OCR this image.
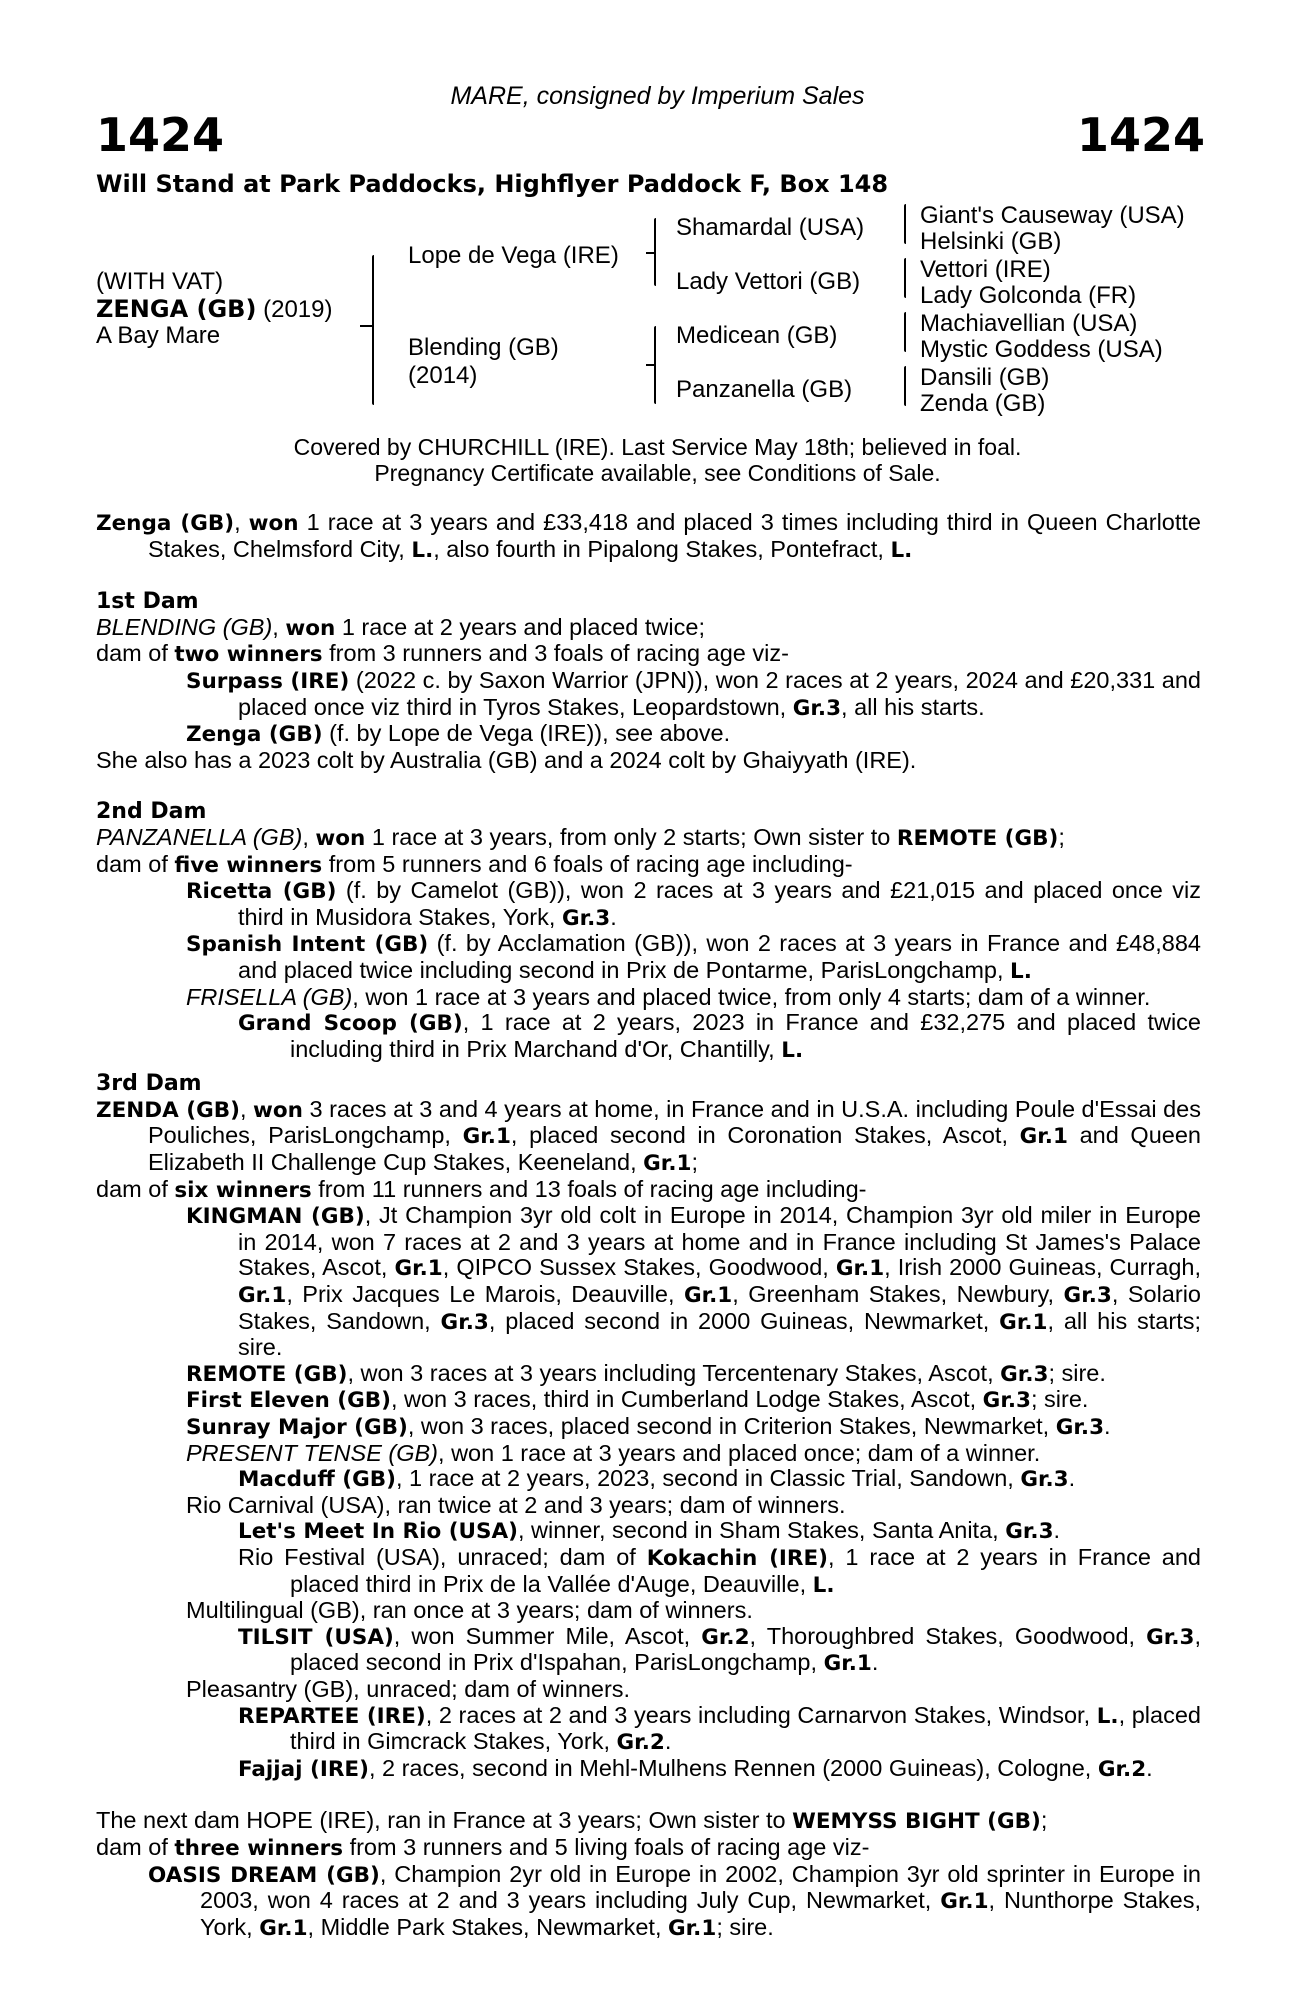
MARE, consigned by Imperium Sales
1424	1424
Will Stand at Park Paddocks, Highflyer Paddock F, Box 148
(WITH VAT)
ZENGA (GB) (2019)
A Bay Mare
Lope de Vega (IRE)
Blending (GB)
(2014)
Shamardal (USA)
Lady Vettori (GB)
Medicean (GB)
Panzanella (GB)
Giant's Causeway (USA)
Helsinki (GB)
Vettori (IRE)
Lady Golconda (FR)
Machiavellian (USA)
Mystic Goddess (USA)
Dansili (GB)
Zenda (GB)
Covered by CHURCHILL (IRE). Last Service May 18th; believed in foal.
Pregnancy Certificate available, see Conditions of Sale.

Zenga (GB), won 1 race at 3 years and £33,418 and placed 3 times including third in Queen Charlotte Stakes, Chelmsford City, L., also fourth in Pipalong Stakes, Pontefract, L.

1st Dam

BLENDING (GB), won 1 race at 2 years and placed twice;

dam of two winners from 3 runners and 3 foals of racing age viz-

Surpass (IRE) (2022 c. by Saxon Warrior (JPN)), won 2 races at 2 years, 2024 and £20,331 and placed once viz third in Tyros Stakes, Leopardstown, Gr.3, all his starts.

Zenga (GB) (f. by Lope de Vega (IRE)), see above.

She also has a 2023 colt by Australia (GB) and a 2024 colt by Ghaiyyath (IRE).

2nd Dam

PANZANELLA (GB), won 1 race at 3 years, from only 2 starts; Own sister to REMOTE (GB);

dam of five winners from 5 runners and 6 foals of racing age including-

Ricetta (GB) (f. by Camelot (GB)), won 2 races at 3 years and £21,015 and placed once viz third in Musidora Stakes, York, Gr.3.

Spanish Intent (GB) (f. by Acclamation (GB)), won 2 races at 3 years in France and £48,884 and placed twice including second in Prix de Pontarme, ParisLongchamp, L.

FRISELLA (GB), won 1 race at 3 years and placed twice, from only 4 starts; dam of a winner.

Grand Scoop (GB), 1 race at 2 years, 2023 in France and £32,275 and placed twice including third in Prix Marchand d'Or, Chantilly, L.

3rd Dam

ZENDA (GB), won 3 races at 3 and 4 years at home, in France and in U.S.A. including Poule d'Essai des Pouliches, ParisLongchamp, Gr.1, placed second in Coronation Stakes, Ascot, Gr.1 and Queen Elizabeth II Challenge Cup Stakes, Keeneland, Gr.1;

dam of six winners from 11 runners and 13 foals of racing age including-

KINGMAN (GB), Jt Champion 3yr old colt in Europe in 2014, Champion 3yr old miler in Europe in 2014, won 7 races at 2 and 3 years at home and in France including St James's Palace Stakes, Ascot, Gr.1, QIPCO Sussex Stakes, Goodwood, Gr.1, Irish 2000 Guineas, Curragh, Gr.1, Prix Jacques Le Marois, Deauville, Gr.1, Greenham Stakes, Newbury, Gr.3, Solario Stakes, Sandown, Gr.3, placed second in 2000 Guineas, Newmarket, Gr.1, all his starts; sire.

REMOTE (GB), won 3 races at 3 years including Tercentenary Stakes, Ascot, Gr.3; sire.

First Eleven (GB), won 3 races, third in Cumberland Lodge Stakes, Ascot, Gr.3; sire.

Sunray Major (GB), won 3 races, placed second in Criterion Stakes, Newmarket, Gr.3.

PRESENT TENSE (GB), won 1 race at 3 years and placed once; dam of a winner.

Macduff (GB), 1 race at 2 years, 2023, second in Classic Trial, Sandown, Gr.3.

Rio Carnival (USA), ran twice at 2 and 3 years; dam of winners.

Let's Meet In Rio (USA), winner, second in Sham Stakes, Santa Anita, Gr.3.

Rio Festival (USA), unraced; dam of Kokachin (IRE), 1 race at 2 years in France and placed third in Prix de la Vallée d'Auge, Deauville, L.

Multilingual (GB), ran once at 3 years; dam of winners.

TILSIT (USA), won Summer Mile, Ascot, Gr.2, Thoroughbred Stakes, Goodwood, Gr.3, placed second in Prix d'Ispahan, ParisLongchamp, Gr.1.

Pleasantry (GB), unraced; dam of winners.

REPARTEE (IRE), 2 races at 2 and 3 years including Carnarvon Stakes, Windsor, L., placed third in Gimcrack Stakes, York, Gr.2.

Fajjaj (IRE), 2 races, second in Mehl-Mulhens Rennen (2000 Guineas), Cologne, Gr.2.

The next dam HOPE (IRE), ran in France at 3 years; Own sister to WEMYSS BIGHT (GB);

dam of three winners from 3 runners and 5 living foals of racing age viz-

OASIS DREAM (GB), Champion 2yr old in Europe in 2002, Champion 3yr old sprinter in Europe in 2003, won 4 races at 2 and 3 years including July Cup, Newmarket, Gr.1, Nunthorpe Stakes, York, Gr.1, Middle Park Stakes, Newmarket, Gr.1; sire.
